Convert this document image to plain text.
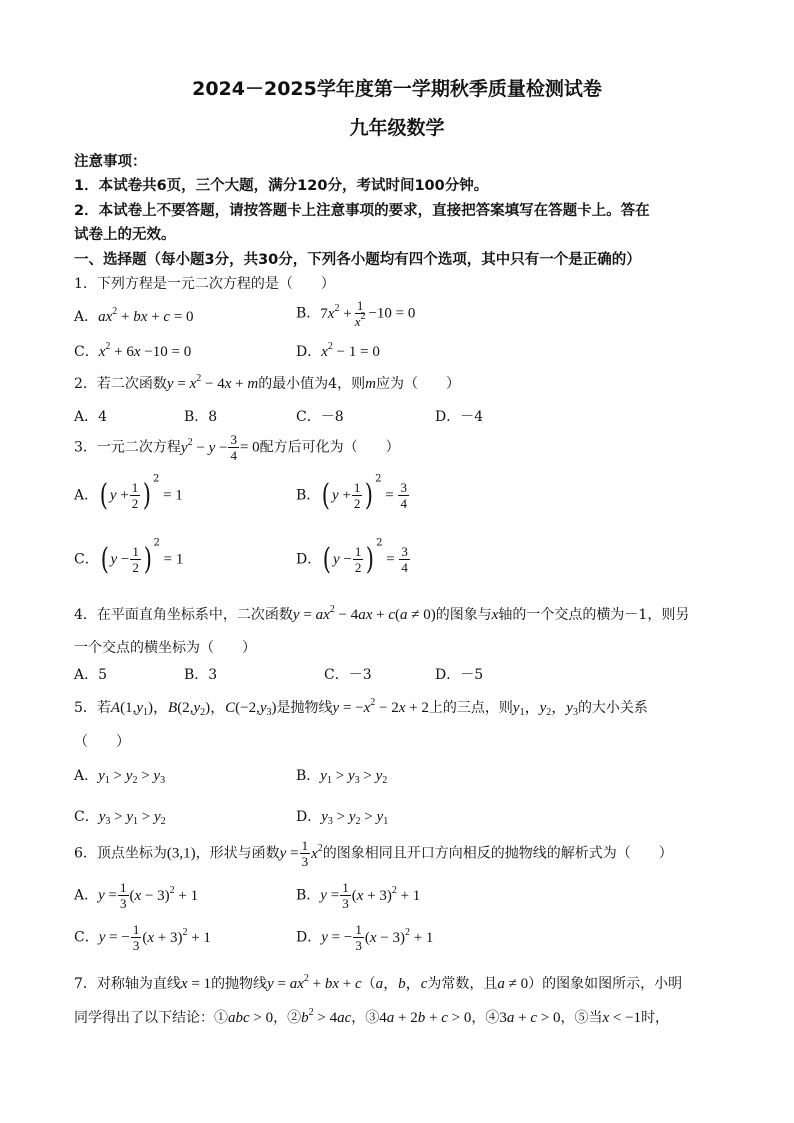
2024－2025学年度第一学期秋季质量检测试卷
九年级数学
注意事项：
1．本试卷共6页，三个大题，满分120分，考试时间100分钟。
2．本试卷上不要答题，请按答题卡上注意事项的要求，直接把答案填写在答题卡上。答在
试卷上的无效。
一、选择题（每小题3分，共30分，下列各小题均有四个选项，其中只有一个是正确的）
1．下列方程是一元二次方程的是（　　）
A．$ax^2$ + bx + c = 0	B．$7x^2 + \frac{1}{x^2} -10 = 0$
C．$x^2 + 6x -10 = 0$	D．$x^2 - 1 = 0$
2．若二次函数$y = x^2 - 4x + m$的最小值为4，则m应为（　　）
A．4	B．8	C．－8	D．－4
3．一元二次方程$y^2 - y - \frac{3}{4} = 0$配方后可化为（　　）
A．( $y + \frac{1}{2}$ ) $^2$ = 1	B．( $y + \frac{1}{2}$ ) $^2 = \frac{3}{4}$
C．( $y - \frac{1}{2}$ ) $^2$ = 1	D．( $y - \frac{1}{2}$ ) $^2 = \frac{3}{4}$
4．在平面直角坐标系中，二次函数$y = ax^2 - 4ax + c(a \ne 0)$的图象与x轴的一个交点的横为－1，则另
一个交点的横坐标为（　　）
A．5	B．3	C．－3	D．－5
5．若$A(1,y_1)$，$B(2,y_2)$，$C(-2,y_3)$是抛物线$y = -x^2 - 2x + 2$上的三点，则$y_1$，$y_2$，$y_3$的大小关系
（　　）
A．$y_1 > y_2 > y_3$	B．$y_1 > y_3 > y_2$
C．$y_3 > y_1 > y_2$	D．$y_3 > y_2 > y_1$
6．顶点坐标为(3,1)，形状与函数$y = \frac{1}{3} x^2$的图象相同且开口方向相反的抛物线的解析式为（　　）
A．$y = \frac{1}{3} (x - 3)^2 + 1$	B．$y = \frac{1}{3} (x + 3)^2 + 1$
C．y = − $\frac{1}{3} (x + 3)^2 + 1$	D．y = − $\frac{1}{3} (x - 3)^2 + 1$
7．对称轴为直线x = 1的抛物线$y = ax^2$ + bx + c（a，b，c为常数，且a ≠ 0）的图象如图所示，小明
同学得出了以下结论：①abc > 0，$②b^2 > 4ac$，③4a + 2b + c > 0，④3a + c > 0，⑤当x < −1时，
